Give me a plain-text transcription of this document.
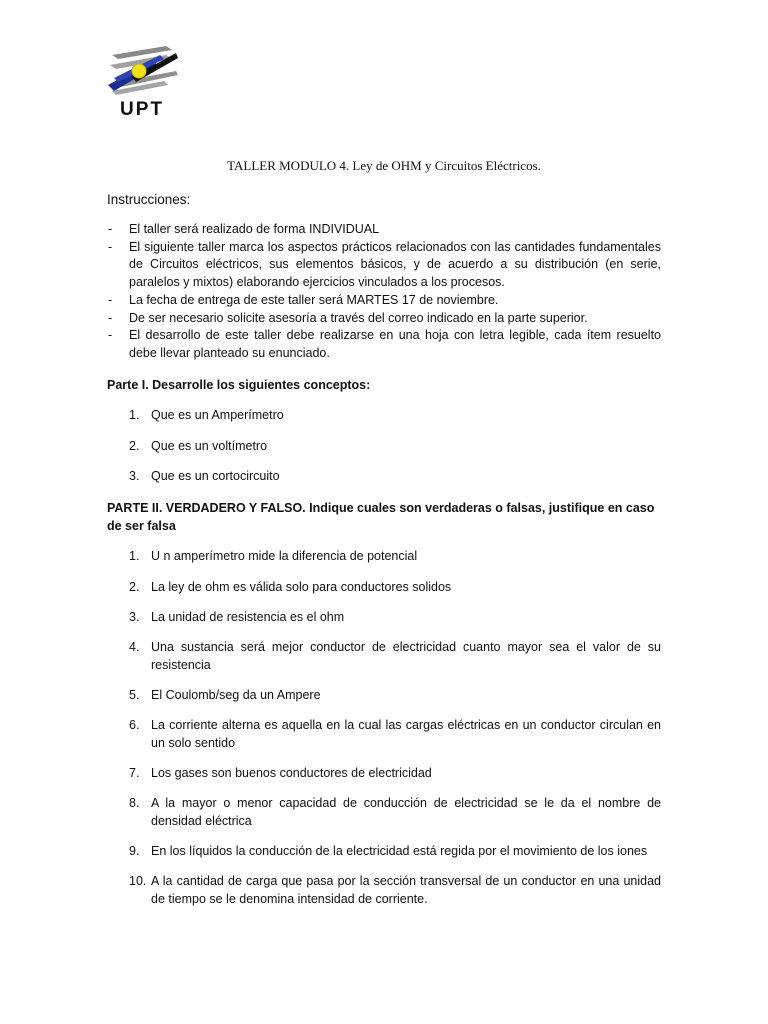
UPT
TALLER MODULO 4. Ley de OHM y Circuitos Eléctricos.
Instrucciones:
- El taller será realizado de forma INDIVIDUAL
- El siguiente taller marca los aspectos prácticos relacionados con las cantidades fundamentales de Circuitos eléctricos, sus elementos básicos, y de acuerdo a su distribución (en serie, paralelos y mixtos) elaborando ejercicios vinculados a los procesos.
- La fecha de entrega de este taller será MARTES 17 de noviembre.
- De ser necesario solicite asesoría a través del correo indicado en la parte superior.
- El desarrollo de este taller debe realizarse en una hoja con letra legible, cada ítem resuelto debe llevar planteado su enunciado.
Parte I. Desarrolle los siguientes conceptos:
1. Que es un Amperímetro
2. Que es un voltímetro
3. Que es un cortocircuito
PARTE II. VERDADERO Y FALSO. Indique cuales son verdaderas o falsas, justifique en caso de ser falsa
1. U n amperímetro mide la diferencia de potencial
2. La ley de ohm es válida solo para conductores solidos
3. La unidad de resistencia es el ohm
4. Una sustancia será mejor conductor de electricidad cuanto mayor sea el valor de su resistencia
5. El Coulomb/seg da un Ampere
6. La corriente alterna es aquella en la cual las cargas eléctricas en un conductor circulan en un solo sentido
7. Los gases son buenos conductores de electricidad
8. A la mayor o menor capacidad de conducción de electricidad se le da el nombre de densidad eléctrica
9. En los líquidos la conducción de la electricidad está regida por el movimiento de los iones
10. A la cantidad de carga que pasa por la sección transversal de un conductor en una unidad de tiempo se le denomina intensidad de corriente.
